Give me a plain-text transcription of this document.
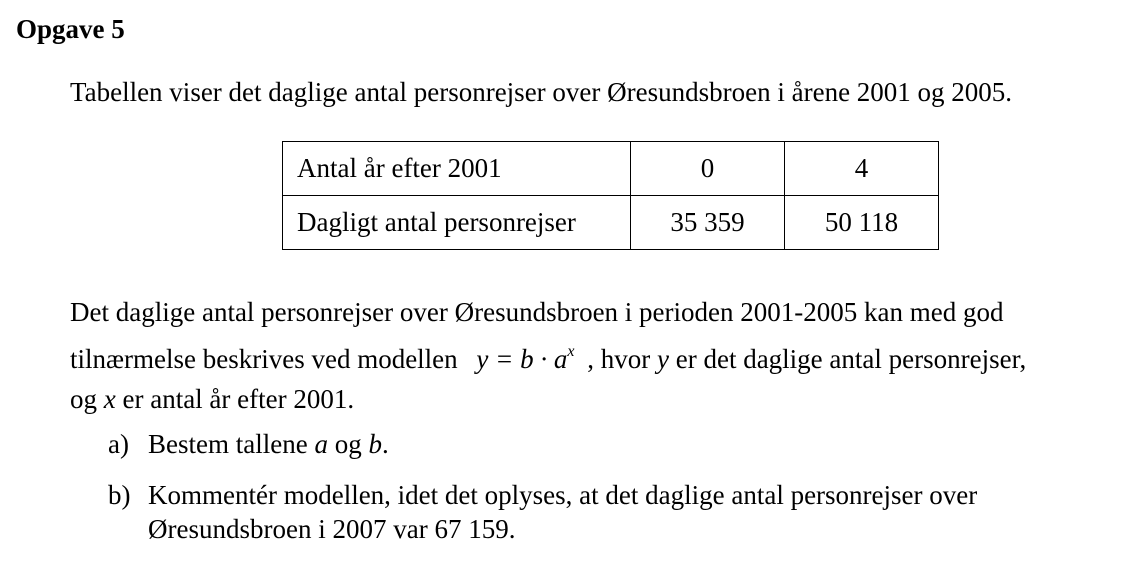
Opgave 5
Tabellen viser det daglige antal personrejser over Øresundsbroen i årene 2001 og 2005.
Antal år efter 2001	0	4
Dagligt antal personrejser	35 359	50 118
Det daglige antal personrejser over Øresundsbroen i perioden 2001-2005 kan med god
tilnærmelse beskrives ved modellen $y = b \cdot a^x$ , hvor y er det daglige antal personrejser,
og x er antal år efter 2001.
a) Bestem tallene a og b.
b) Kommentér modellen, idet det oplyses, at det daglige antal personrejser over
Øresundsbroen i 2007 var 67 159.
